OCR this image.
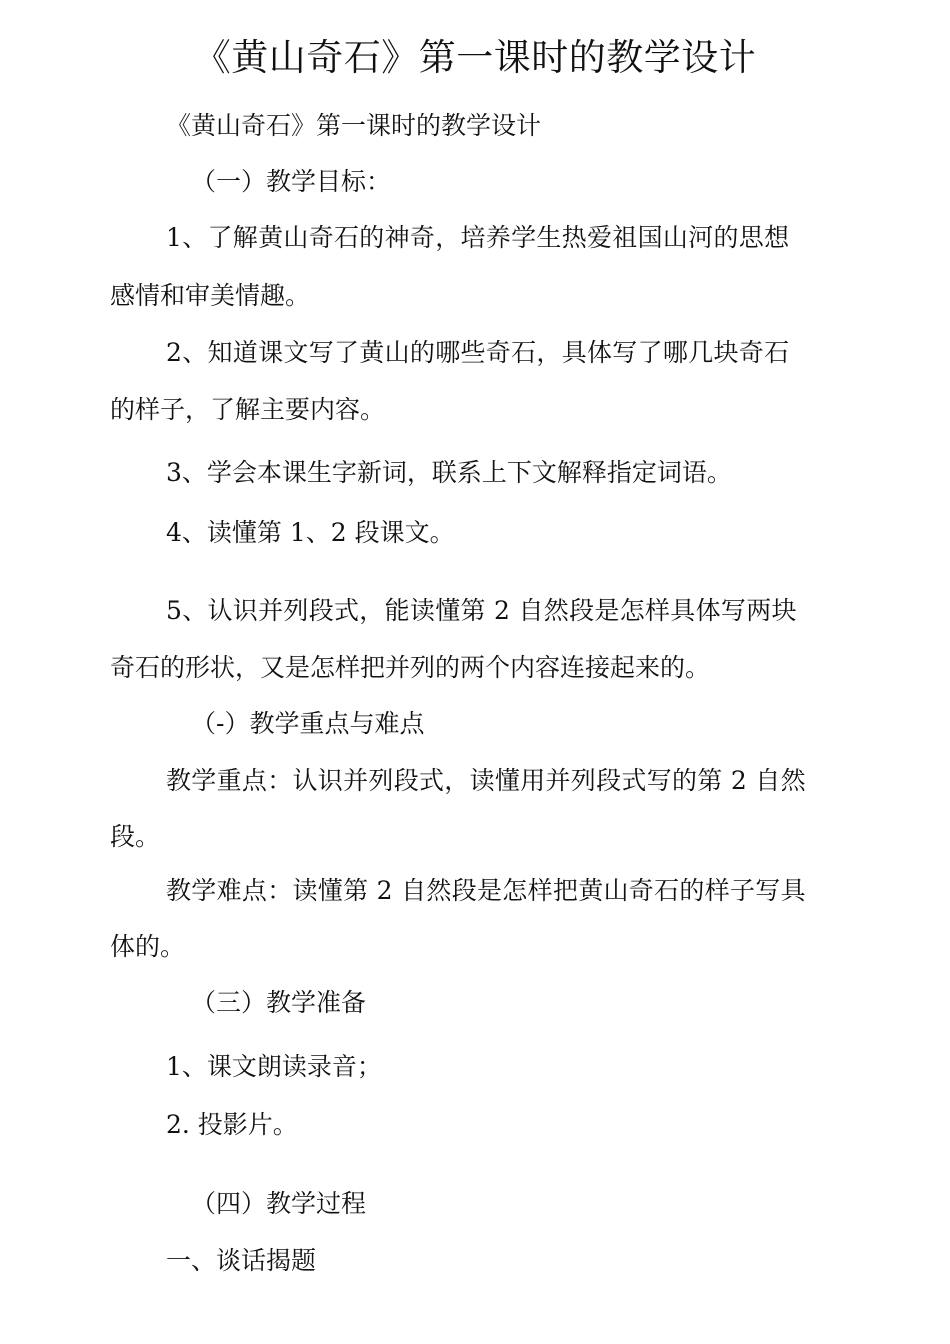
《黄山奇石》第一课时的教学设计
《黄山奇石》第一课时的教学设计
（一）教学目标：
1、了解黄山奇石的神奇，培养学生热爱祖国山河的思想
感情和审美情趣。
2、知道课文写了黄山的哪些奇石，具体写了哪几块奇石
的样子，了解主要内容。
3、学会本课生字新词，联系上下文解释指定词语。
4、读懂第 1、2 段课文。
5、认识并列段式，能读懂第 2 自然段是怎样具体写两块
奇石的形状，又是怎样把并列的两个内容连接起来的。
（-）教学重点与难点
教学重点：认识并列段式，读懂用并列段式写的第 2 自然
段。
教学难点：读懂第 2 自然段是怎样把黄山奇石的样子写具
体的。
（三）教学准备
1、课文朗读录音；
2. 投影片。
（四）教学过程
一、谈话揭题
